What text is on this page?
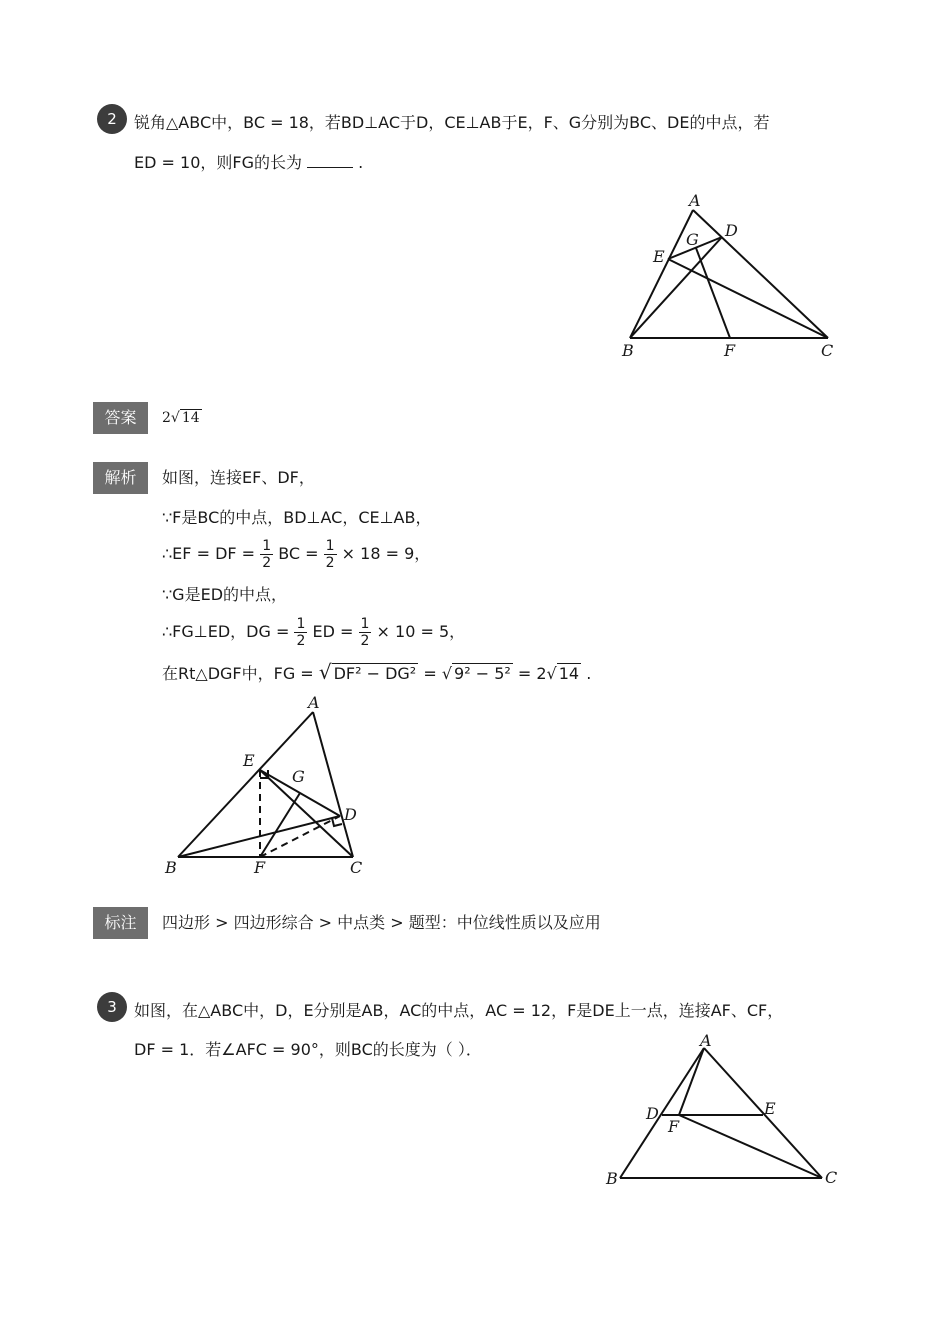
2	锐角△ABC中，BC = 18，若BD⊥AC于D，CE⊥AB于E，F、G分别为BC、DE的中点，若
ED = 10，则FG的长为	.
A
B	C
D
E
F
G
答案	2√ 14
解析	如图，连接EF、DF，
∵F是BC的中点，BD⊥AC，CE⊥AB，
∴EF = DF = $\frac{1}{2}$ BC = $\frac{1}{2} \times 18 = 9$，
∵G是ED的中点，
∴FG⊥ED，DG = $\frac{1}{2}$ ED = $\frac{1}{2} \times 10 = 5$，
在Rt△DGF中，FG = √ DF² − DG² = √ 9² − 5² = 2√ 14 .
A
B	C
D
E
F
G
标注	四边形 > 四边形综合 > 中点类 > 题型：中位线性质以及应用
3	如图，在△ABC中，D，E分别是AB，AC的中点，AC = 12，F是DE上一点，连接AF、CF，
DF = 1．若∠AFC = 90°，则BC的长度为（ ）．	A
B	C
D	E
F
